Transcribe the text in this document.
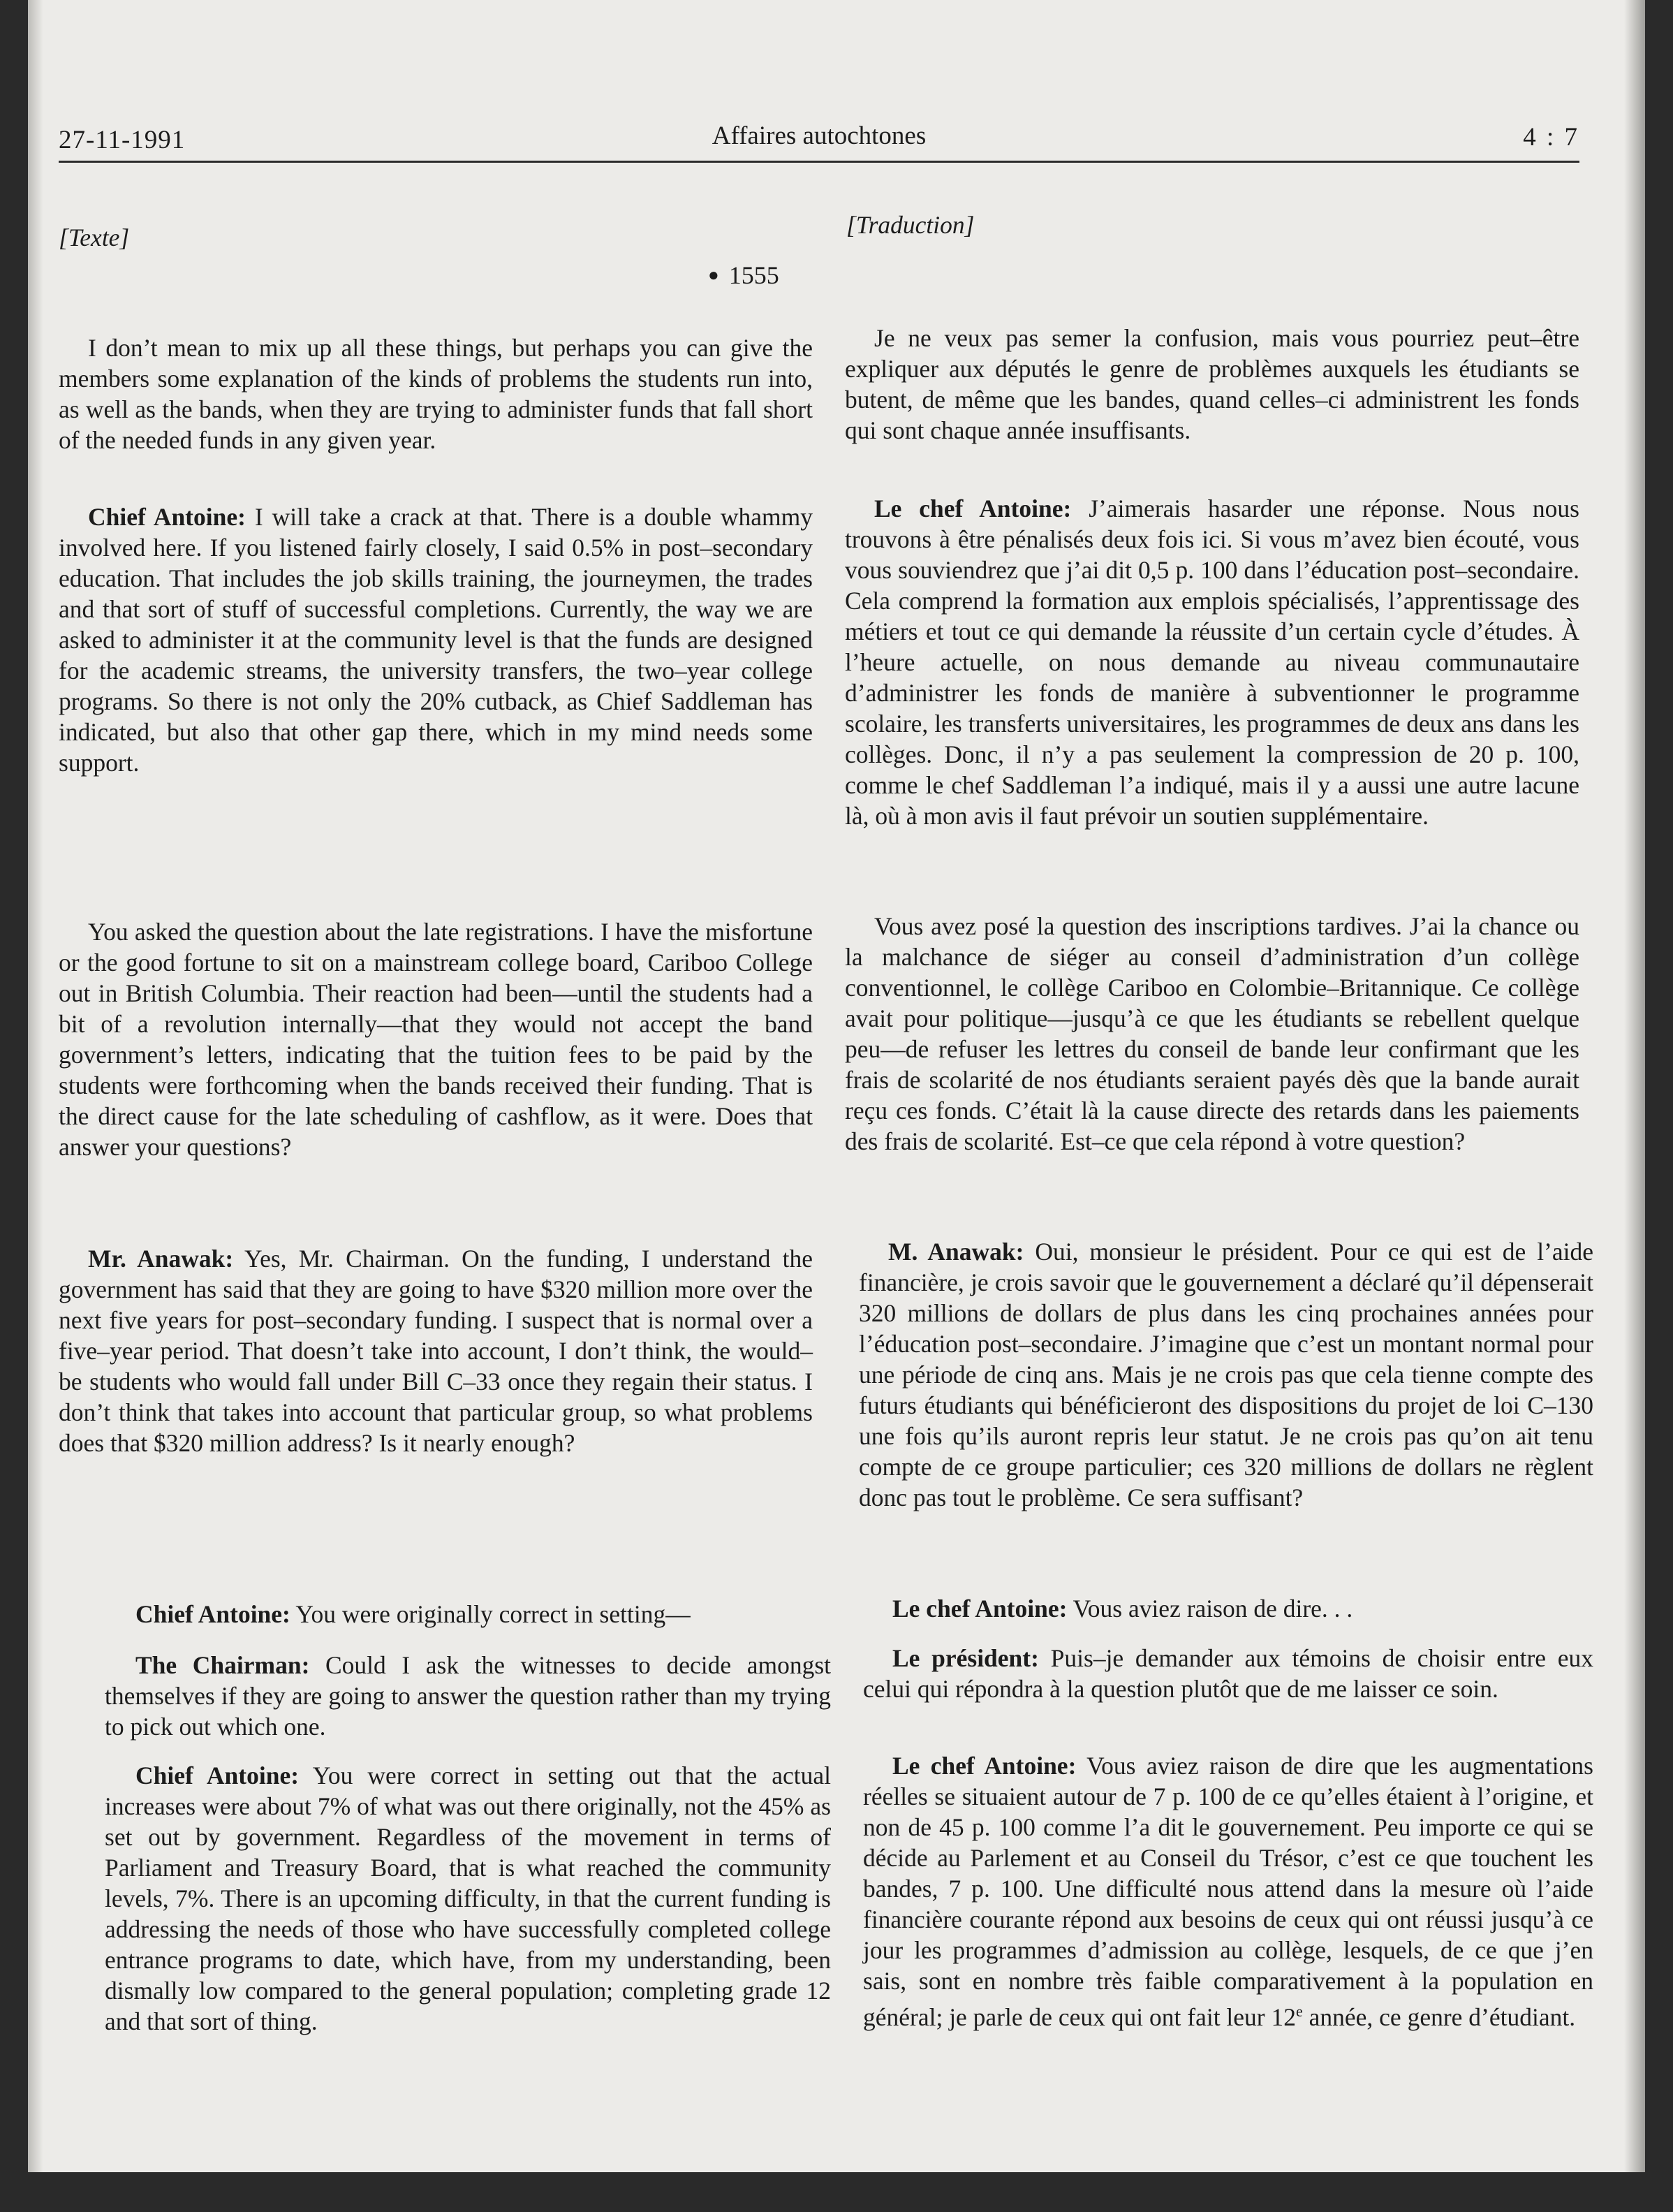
27-11-1991	Affaires autochtones	4 : 7
[Texte]
● 1555

I don’t mean to mix up all these things, but perhaps you can give the members some explanation of the kinds of problems the students run into, as well as the bands, when they are trying to administer funds that fall short of the needed funds in any given year.

Chief Antoine: I will take a crack at that. There is a double whammy involved here. If you listened fairly closely, I said 0.5% in post–secondary education. That includes the job skills training, the journeymen, the trades and that sort of stuff of successful completions. Currently, the way we are asked to administer it at the community level is that the funds are designed for the academic streams, the university transfers, the two–year college programs. So there is not only the 20% cutback, as Chief Saddleman has indicated, but also that other gap there, which in my mind needs some support.

You asked the question about the late registrations. I have the misfortune or the good fortune to sit on a mainstream college board, Cariboo College out in British Columbia. Their reaction had been—until the students had a bit of a revolution internally—that they would not accept the band government’s letters, indicating that the tuition fees to be paid by the students were forthcoming when the bands received their funding. That is the direct cause for the late scheduling of cashflow, as it were. Does that answer your questions?

Mr. Anawak: Yes, Mr. Chairman. On the funding, I understand the government has said that they are going to have $320 million more over the next five years for post–secondary funding. I suspect that is normal over a five–year period. That doesn’t take into account, I don’t think, the would–be students who would fall under Bill C–33 once they regain their status. I don’t think that takes into account that particular group, so what problems does that $320 million address? Is it nearly enough?

Chief Antoine: You were originally correct in setting—

The Chairman: Could I ask the witnesses to decide amongst themselves if they are going to answer the question rather than my trying to pick out which one.

Chief Antoine: You were correct in setting out that the actual increases were about 7% of what was out there originally, not the 45% as set out by government. Regardless of the movement in terms of Parliament and Treasury Board, that is what reached the community levels, 7%. There is an upcoming difficulty, in that the current funding is addressing the needs of those who have successfully completed college entrance programs to date, which have, from my understanding, been dismally low compared to the general population; completing grade 12 and that sort of thing.

[Traduction]

Je ne veux pas semer la confusion, mais vous pourriez peut–être expliquer aux députés le genre de problèmes auxquels les étudiants se butent, de même que les bandes, quand celles–ci administrent les fonds qui sont chaque année insuffisants.

Le chef Antoine: J’aimerais hasarder une réponse. Nous nous trouvons à être pénalisés deux fois ici. Si vous m’avez bien écouté, vous vous souviendrez que j’ai dit 0,5 p. 100 dans l’éducation post–secondaire. Cela comprend la formation aux emplois spécialisés, l’apprentissage des métiers et tout ce qui demande la réussite d’un certain cycle d’études. À l’heure actuelle, on nous demande au niveau communautaire d’administrer les fonds de manière à subventionner le programme scolaire, les transferts universitaires, les programmes de deux ans dans les collèges. Donc, il n’y a pas seulement la compression de 20 p. 100, comme le chef Saddleman l’a indiqué, mais il y a aussi une autre lacune là, où à mon avis il faut prévoir un soutien supplémentaire.

Vous avez posé la question des inscriptions tardives. J’ai la chance ou la malchance de siéger au conseil d’administration d’un collège conventionnel, le collège Cariboo en Colombie–Britannique. Ce collège avait pour politique—jusqu’à ce que les étudiants se rebellent quelque peu—de refuser les lettres du conseil de bande leur confirmant que les frais de scolarité de nos étudiants seraient payés dès que la bande aurait reçu ces fonds. C’était là la cause directe des retards dans les paiements des frais de scolarité. Est–ce que cela répond à votre question?

M. Anawak: Oui, monsieur le président. Pour ce qui est de l’aide financière, je crois savoir que le gouvernement a déclaré qu’il dépenserait 320 millions de dollars de plus dans les cinq prochaines années pour l’éducation post–secondaire. J’imagine que c’est un montant normal pour une période de cinq ans. Mais je ne crois pas que cela tienne compte des futurs étudiants qui bénéficieront des dispositions du projet de loi C–130 une fois qu’ils auront repris leur statut. Je ne crois pas qu’on ait tenu compte de ce groupe particulier; ces 320 millions de dollars ne règlent donc pas tout le problème. Ce sera suffisant?

Le chef Antoine: Vous aviez raison de dire. . .

Le président: Puis–je demander aux témoins de choisir entre eux celui qui répondra à la question plutôt que de me laisser ce soin.

Le chef Antoine: Vous aviez raison de dire que les augmentations réelles se situaient autour de 7 p. 100 de ce qu’elles étaient à l’origine, et non de 45 p. 100 comme l’a dit le gouvernement. Peu importe ce qui se décide au Parlement et au Conseil du Trésor, c’est ce que touchent les bandes, 7 p. 100. Une difficulté nous attend dans la mesure où l’aide financière courante répond aux besoins de ceux qui ont réussi jusqu’à ce jour les programmes d’admission au collège, lesquels, de ce que j’en sais, sont en nombre très faible comparativement à la population en général; je parle de ceux qui ont fait leur 12e année, ce genre d’étudiant.
